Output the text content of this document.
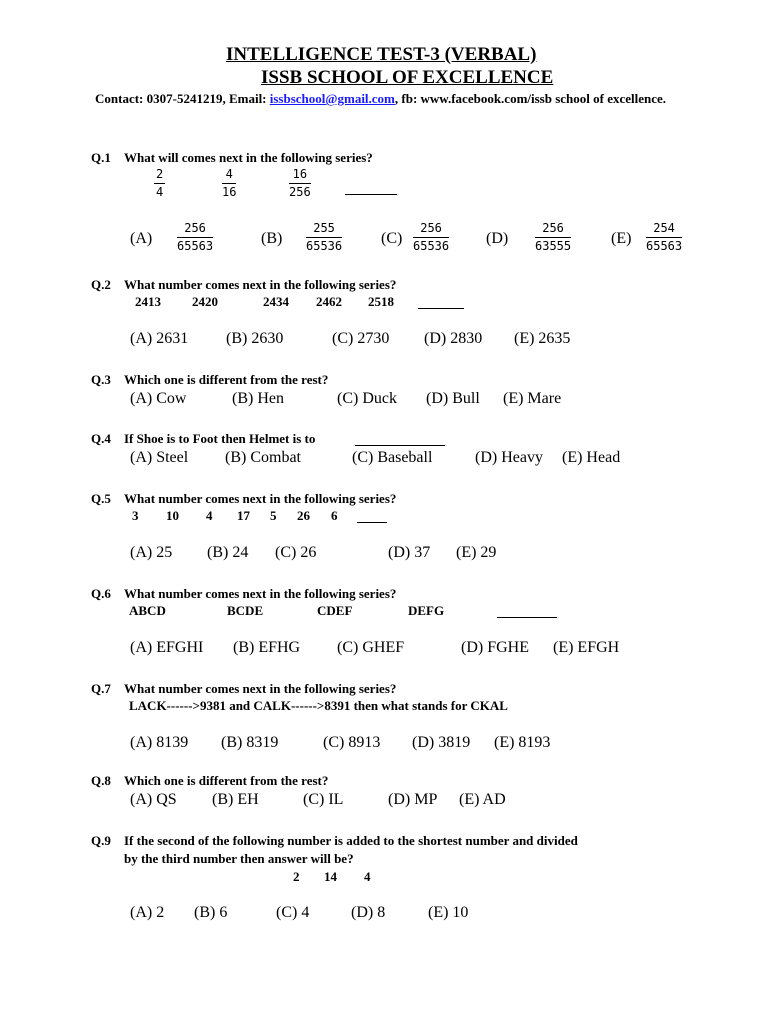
INTELLIGENCE TEST-3 (VERBAL)
ISSB SCHOOL OF EXCELLENCE
Contact: 0307-5241219, Email: issbschool@gmail.com, fb: www.facebook.com/issb school of excellence.
Q.1 What will comes next in the following series?
$\frac{2}{4}$	$\frac{4}{16}$	$\frac{16}{256}$
$(A) \frac{256}{65563}$	$(B) \frac{255}{65536} (C) \frac{256}{65536} (D) \frac{256}{63555} (E) \frac{254}{65563}$
Q.2 What number comes next in the following series?
2413 2420	2434 2462 2518
(A) 2631 (B) 2630	(C) 2730 (D) 2830 (E) 2635
Q.3 Which one is different from the rest?
(A) Cow	(B) Hen	(C) Duck (D) Bull (E) Mare
Q.4 If Shoe is to Foot then Helmet is to
(A) Steel (B) Combat	(C) Baseball	(D) Heavy (E) Head
Q.5 What number comes next in the following series?
3 10 4 17 5 26 6
(A) 25 (B) 24 (C) 26	(D) 37 (E) 29
Q.6 What number comes next in the following series?
ABCD	BCDE	CDEF	DEFG
(A) EFGHI (B) EFHG (C) GHEF	(D) FGHE (E) EFGH
Q.7 What number comes next in the following series?
LACK------>9381 and CALK------>8391 then what stands for CKAL
(A) 8139 (B) 8319	(C) 8913 (D) 3819 (E) 8193
Q.8 Which one is different from the rest?
(A) QS (B) EH	(C) IL	(D) MP (E) AD
Q.9 If the second of the following number is added to the shortest number and divided
by the third number then answer will be?
2 14 4
(A) 2 (B) 6	(C) 4	(D) 8	(E) 10
